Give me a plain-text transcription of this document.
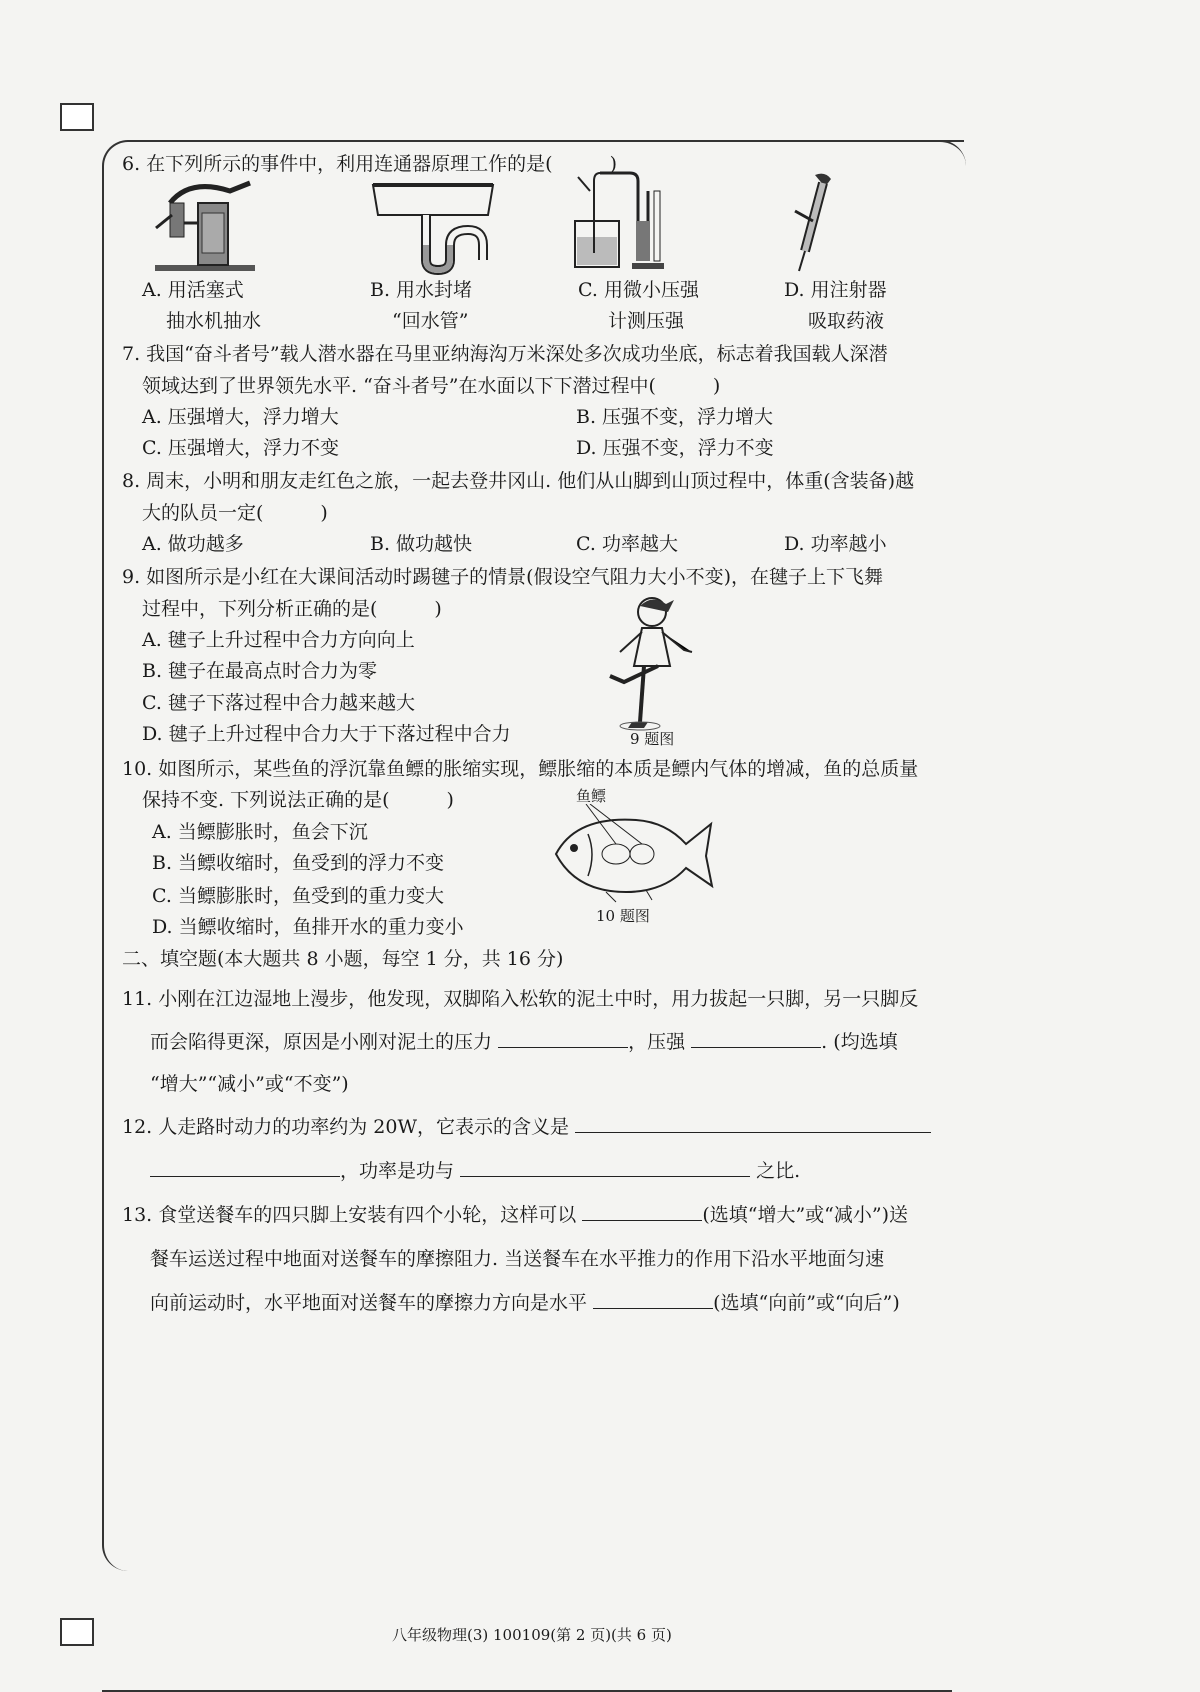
6. 在下列所示的事件中，利用连通器原理工作的是(　　　)
A. 用活塞式
抽水机抽水
B. 用水封堵
“回水管”
C. 用微小压强
计测压强
D. 用注射器
吸取药液
7. 我国“奋斗者号”载人潜水器在马里亚纳海沟万米深处多次成功坐底，标志着我国载人深潜
领域达到了世界领先水平. “奋斗者号”在水面以下下潜过程中(　　　)
A. 压强增大，浮力增大	B. 压强不变，浮力增大
C. 压强增大，浮力不变	D. 压强不变，浮力不变
8. 周末，小明和朋友走红色之旅，一起去登井冈山. 他们从山脚到山顶过程中，体重(含装备)越
大的队员一定(　　　)
A. 做功越多	B. 做功越快	C. 功率越大	D. 功率越小
9. 如图所示是小红在大课间活动时踢毽子的情景(假设空气阻力大小不变)，在毽子上下飞舞
过程中，下列分析正确的是(　　　)
A. 毽子上升过程中合力方向向上
B. 毽子在最高点时合力为零
C. 毽子下落过程中合力越来越大
D. 毽子上升过程中合力大于下落过程中合力	9 题图
10. 如图所示，某些鱼的浮沉靠鱼鳔的胀缩实现，鳔胀缩的本质是鳔内气体的增减，鱼的总质量
保持不变. 下列说法正确的是(　　　)
A. 当鳔膨胀时，鱼会下沉
B. 当鳔收缩时，鱼受到的浮力不变
C. 当鳔膨胀时，鱼受到的重力变大
D. 当鳔收缩时，鱼排开水的重力变小
鱼鳔
10 题图
二、填空题(本大题共 8 小题，每空 1 分，共 16 分)
11. 小刚在江边湿地上漫步，他发现，双脚陷入松软的泥土中时，用力拔起一只脚，另一只脚反
而会陷得更深，原因是小刚对泥土的压力	，压强	. (均选填
“增大”“减小”或“不变”)
12. 人走路时动力的功率约为 20W，它表示的含义是
，功率是功与	之比.
13. 食堂送餐车的四只脚上安装有四个小轮，这样可以	(选填“增大”或“减小”)送
餐车运送过程中地面对送餐车的摩擦阻力. 当送餐车在水平推力的作用下沿水平地面匀速
向前运动时，水平地面对送餐车的摩擦力方向是水平	(选填“向前”或“向后”)
八年级物理(3) 100109(第 2 页)(共 6 页)
